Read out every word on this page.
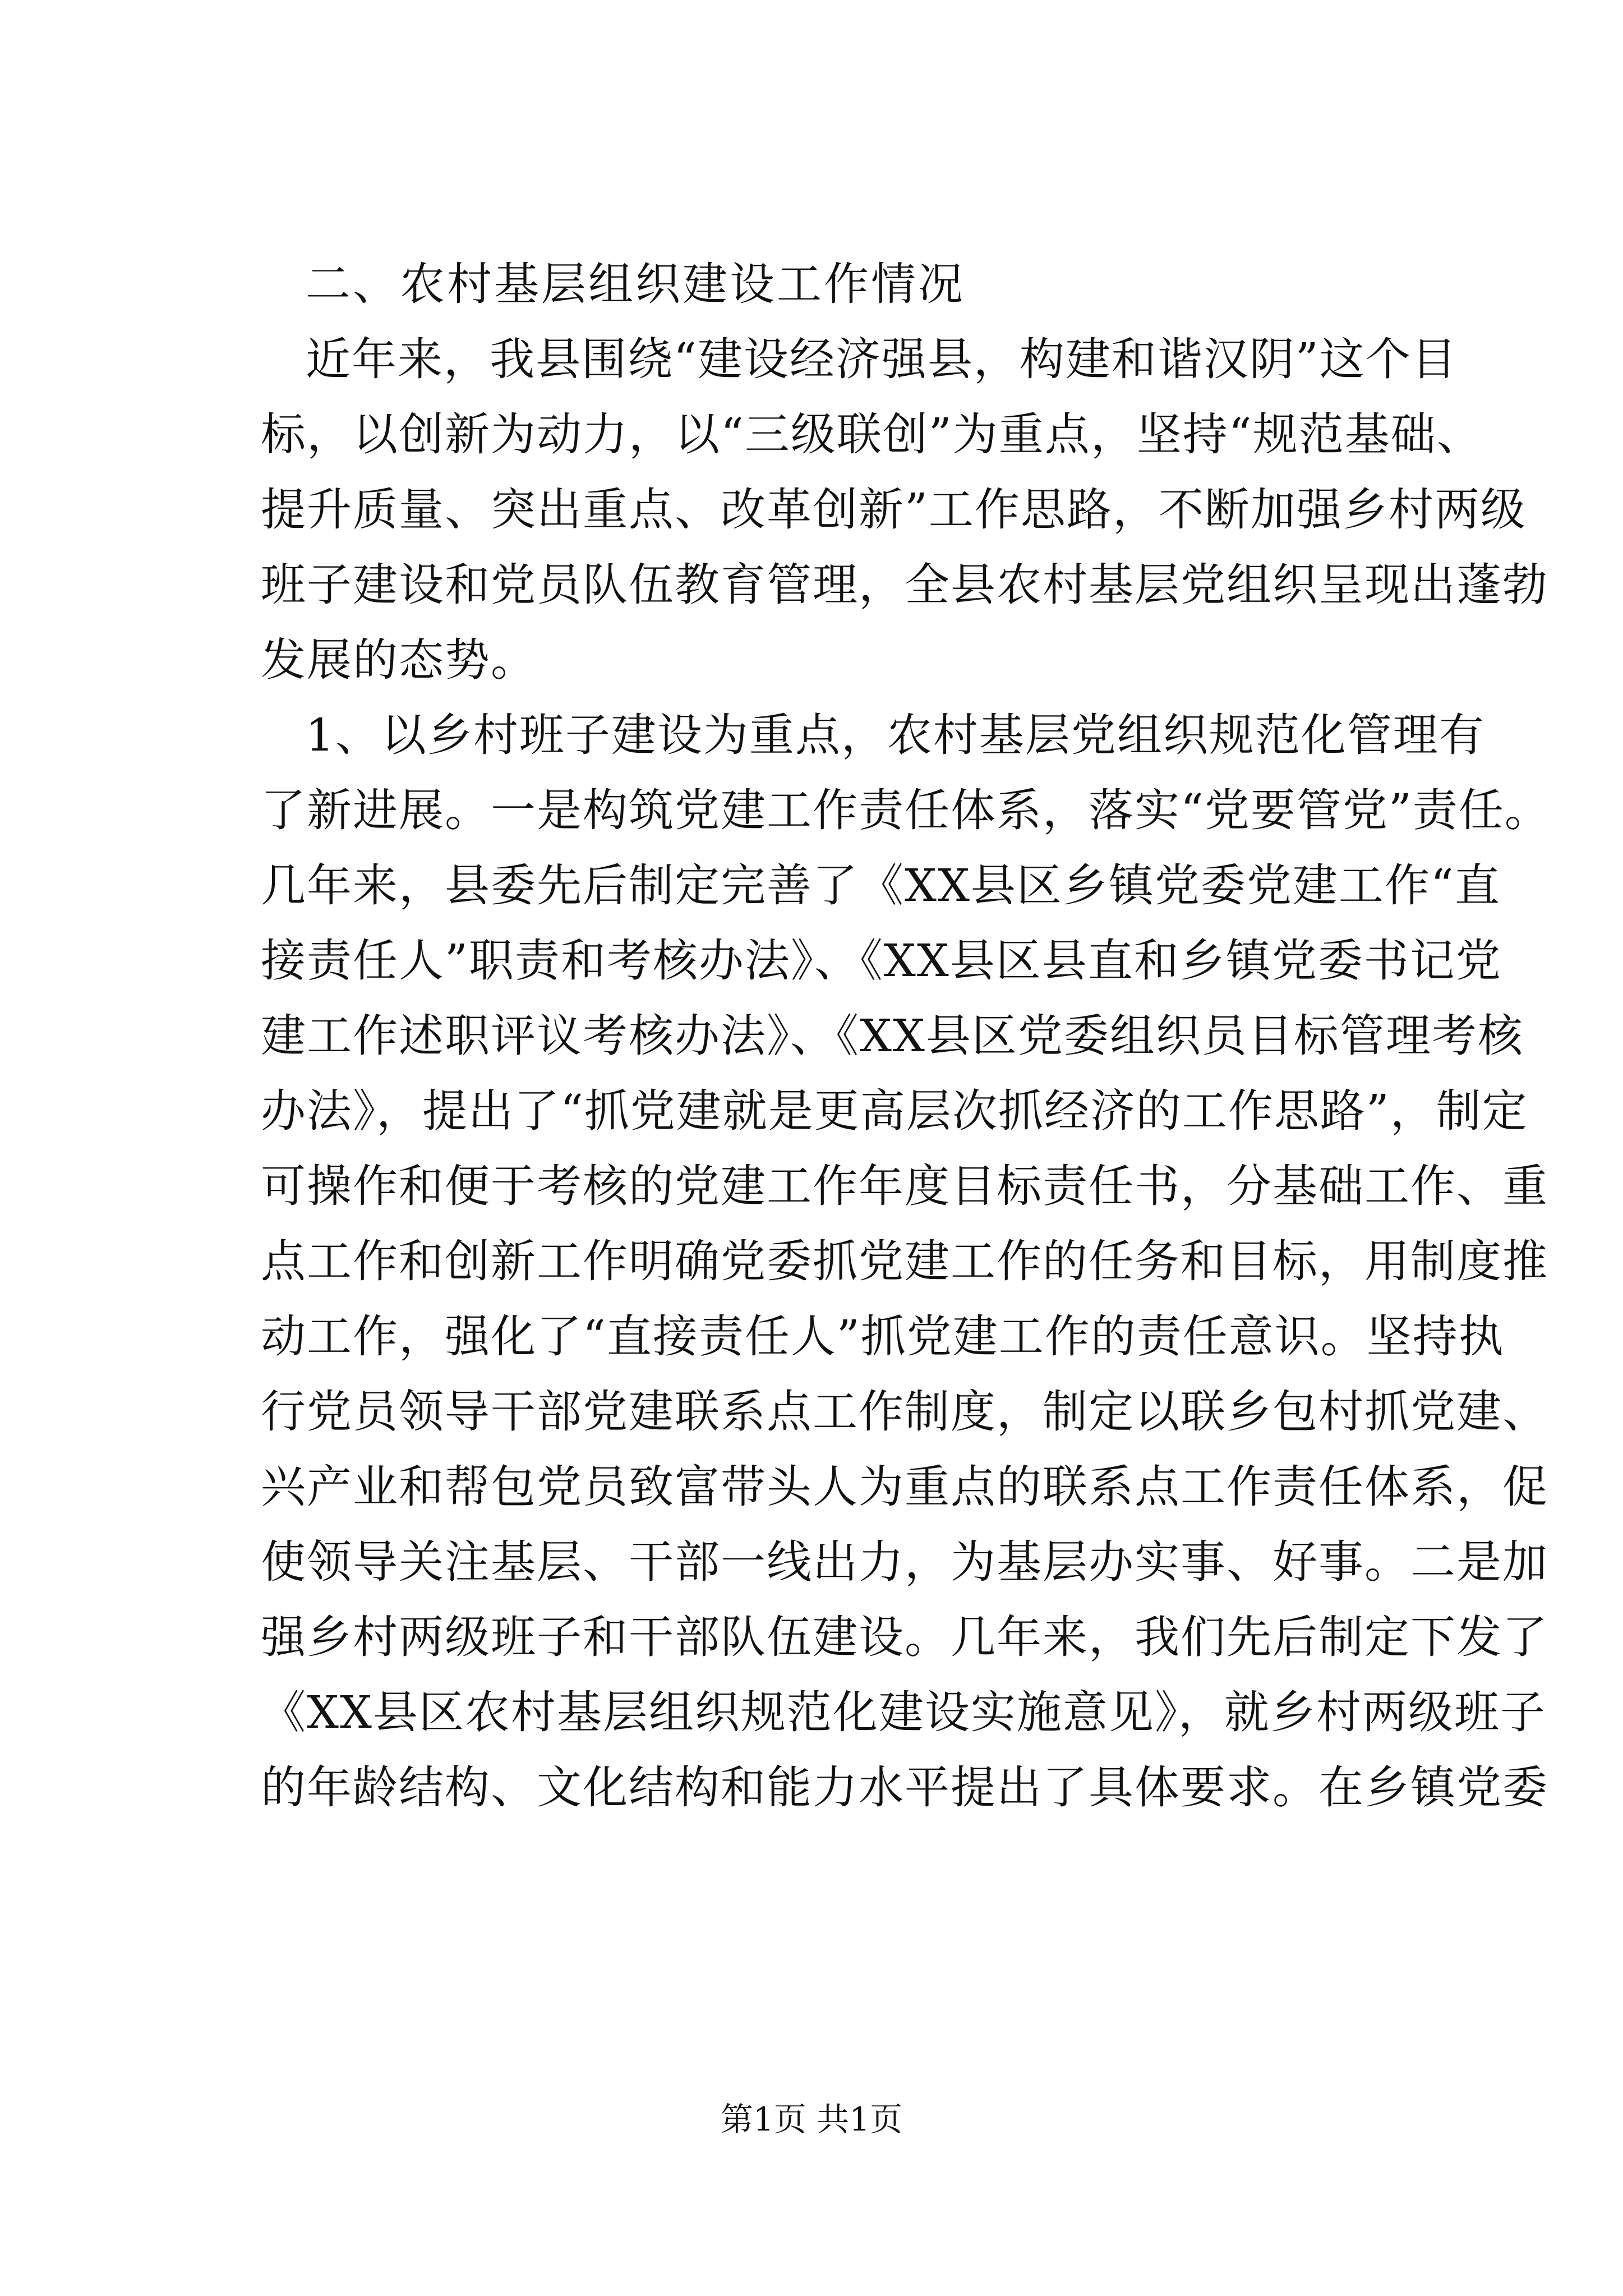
二、农村基层组织建设工作情况
近年来，我县围绕“建设经济强县，构建和谐汉阴”这个目
标，以创新为动力，以“三级联创”为重点，坚持“规范基础、
提升质量、突出重点、改革创新”工作思路，不断加强乡村两级
班子建设和党员队伍教育管理，全县农村基层党组织呈现出蓬勃
发展的态势。
1、以乡村班子建设为重点，农村基层党组织规范化管理有
了新进展。一是构筑党建工作责任体系，落实“党要管党”责任。
几年来，县委先后制定完善了《XX县区乡镇党委党建工作“直
接责任人”职责和考核办法》、《XX县区县直和乡镇党委书记党
建工作述职评议考核办法》、《XX县区党委组织员目标管理考核
办法》，提出了“抓党建就是更高层次抓经济的工作思路”，制定
可操作和便于考核的党建工作年度目标责任书，分基础工作、重
点工作和创新工作明确党委抓党建工作的任务和目标，用制度推
动工作，强化了“直接责任人”抓党建工作的责任意识。坚持执
行党员领导干部党建联系点工作制度，制定以联乡包村抓党建、
兴产业和帮包党员致富带头人为重点的联系点工作责任体系，促
使领导关注基层、干部一线出力，为基层办实事、好事。二是加
强乡村两级班子和干部队伍建设。几年来，我们先后制定下发了
《XX县区农村基层组织规范化建设实施意见》，就乡村两级班子
的年龄结构、文化结构和能力水平提出了具体要求。在乡镇党委
第1页 共1页
